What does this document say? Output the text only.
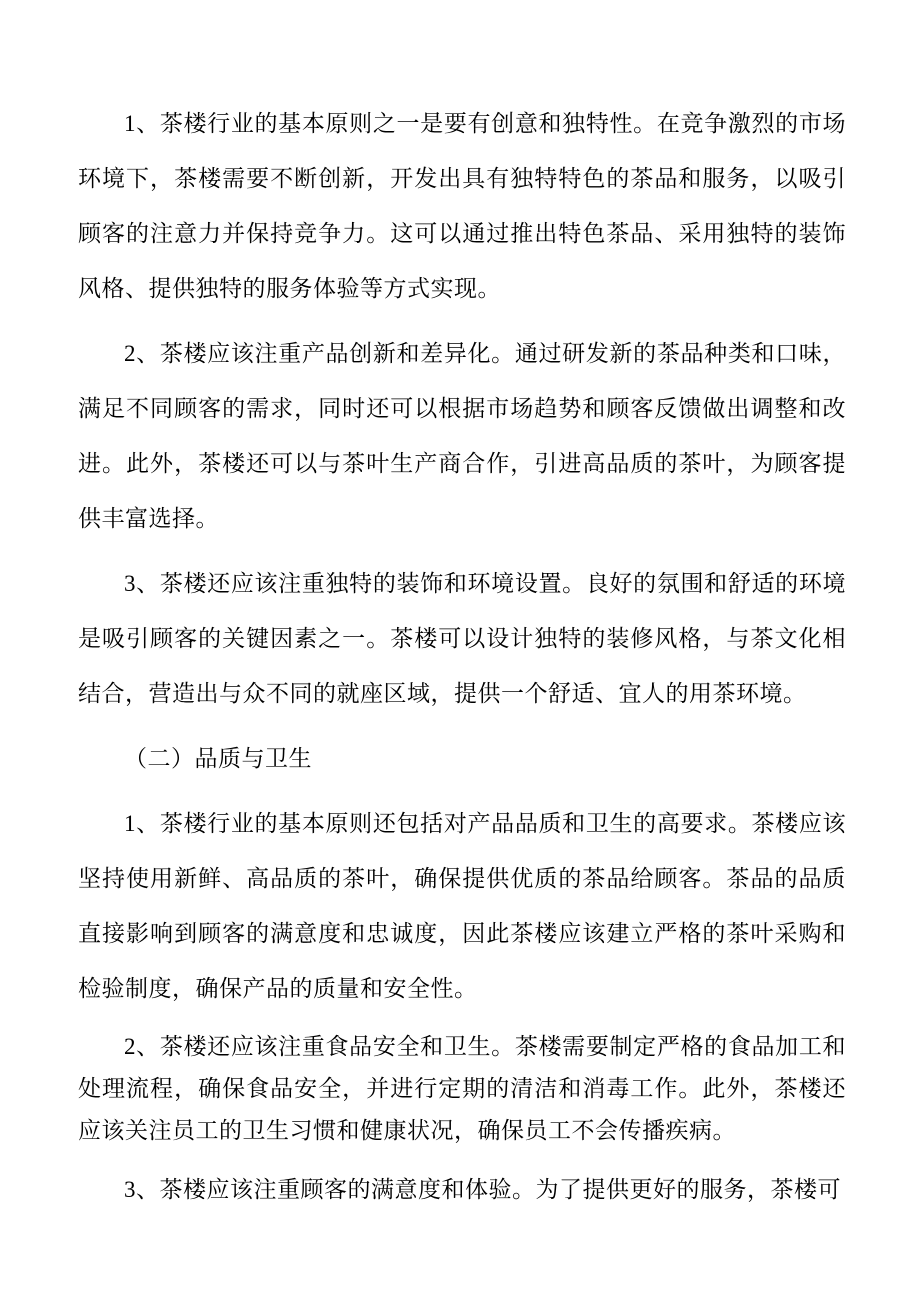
1、茶楼行业的基本原则之一是要有创意和独特性。在竞争激烈的市场环境下，茶楼需要不断创新，开发出具有独特特色的茶品和服务，以吸引顾客的注意力并保持竞争力。这可以通过推出特色茶品、采用独特的装饰风格、提供独特的服务体验等方式实现。
2、茶楼应该注重产品创新和差异化。通过研发新的茶品种类和口味，满足不同顾客的需求，同时还可以根据市场趋势和顾客反馈做出调整和改进。此外，茶楼还可以与茶叶生产商合作，引进高品质的茶叶，为顾客提供丰富选择。
3、茶楼还应该注重独特的装饰和环境设置。良好的氛围和舒适的环境是吸引顾客的关键因素之一。茶楼可以设计独特的装修风格，与茶文化相结合，营造出与众不同的就座区域，提供一个舒适、宜人的用茶环境。
（二）品质与卫生
1、茶楼行业的基本原则还包括对产品品质和卫生的高要求。茶楼应该坚持使用新鲜、高品质的茶叶，确保提供优质的茶品给顾客。茶品的品质直接影响到顾客的满意度和忠诚度，因此茶楼应该建立严格的茶叶采购和检验制度，确保产品的质量和安全性。
2、茶楼还应该注重食品安全和卫生。茶楼需要制定严格的食品加工和处理流程，确保食品安全，并进行定期的清洁和消毒工作。此外，茶楼还应该关注员工的卫生习惯和健康状况，确保员工不会传播疾病。
3、茶楼应该注重顾客的满意度和体验。为了提供更好的服务，茶楼可
